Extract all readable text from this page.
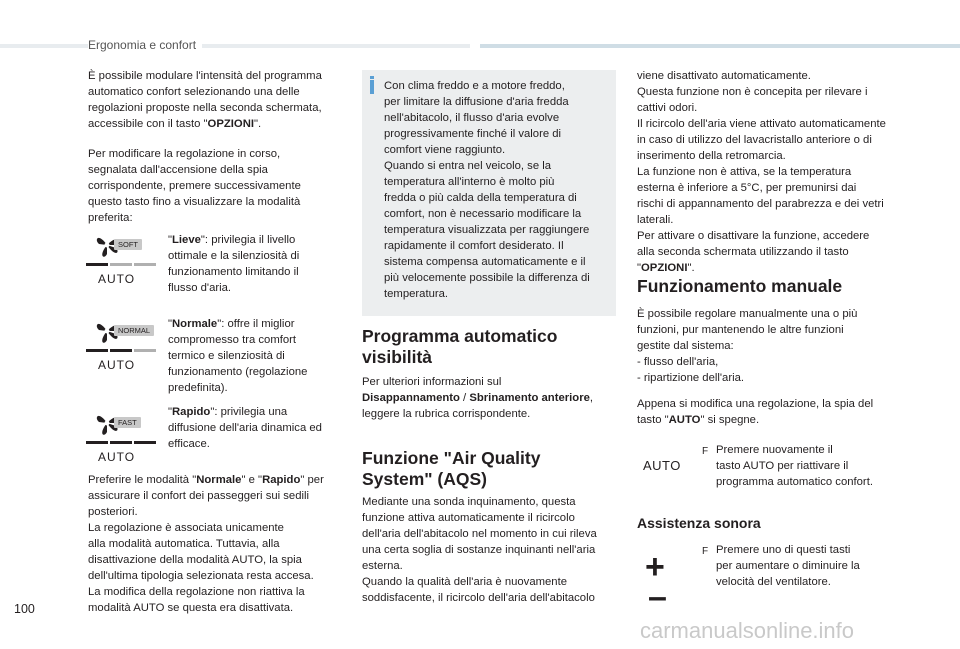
Ergonomia e confort
È possibile modulare l'intensità del programma
automatico confort selezionando una delle
regolazioni proposte nella seconda schermata,
accessibile con il tasto "OPZIONI".
Per modificare la regolazione in corso,
segnalata dall'accensione della spia
corrispondente, premere successivamente
questo tasto fino a visualizzare la modalità
preferita:
SOFT
AUTO
"Lieve": privilegia il livello
ottimale e la silenziosità di
funzionamento limitando il
flusso d'aria.
NORMAL
AUTO
"Normale": offre il miglior
compromesso tra comfort
termico e silenziosità di
funzionamento (regolazione
predefinita).
FAST
AUTO
"Rapido": privilegia una
diffusione dell'aria dinamica ed
efficace.
Preferire le modalità "Normale" e "Rapido" per
assicurare il confort dei passeggeri sui sedili
posteriori.
La regolazione è associata unicamente
alla modalità automatica. Tuttavia, alla
disattivazione della modalità AUTO, la spia
dell'ultima tipologia selezionata resta accesa.
La modifica della regolazione non riattiva la
modalità AUTO se questa era disattivata.
Con clima freddo e a motore freddo,
per limitare la diffusione d'aria fredda
nell'abitacolo, il flusso d'aria evolve
progressivamente finché il valore di
comfort viene raggiunto.
Quando si entra nel veicolo, se la
temperatura all'interno è molto più
fredda o più calda della temperatura di
comfort, non è necessario modificare la
temperatura visualizzata per raggiungere
rapidamente il comfort desiderato. Il
sistema compensa automaticamente e il
più velocemente possibile la differenza di
temperatura.
Programma automatico
visibilità
Per ulteriori informazioni sul
Disappannamento / Sbrinamento anteriore,
leggere la rubrica corrispondente.
Funzione "Air Quality
System" (AQS)
Mediante una sonda inquinamento, questa
funzione attiva automaticamente il ricircolo
dell'aria dell'abitacolo nel momento in cui rileva
una certa soglia di sostanze inquinanti nell'aria
esterna.
Quando la qualità dell'aria è nuovamente
soddisfacente, il ricircolo dell'aria dell'abitacolo
viene disattivato automaticamente.
Questa funzione non è concepita per rilevare i
cattivi odori.
Il ricircolo dell'aria viene attivato automaticamente
in caso di utilizzo del lavacristallo anteriore o di
inserimento della retromarcia.
La funzione non è attiva, se la temperatura
esterna è inferiore a 5°C, per premunirsi dai
rischi di appannamento del parabrezza e dei vetri
laterali.
Per attivare o disattivare la funzione, accedere
alla seconda schermata utilizzando il tasto
"OPZIONI".
Funzionamento manuale
È possibile regolare manualmente una o più
funzioni, pur mantenendo le altre funzioni
gestite dal sistema:
- flusso dell'aria,
- ripartizione dell'aria.
Appena si modifica una regolazione, la spia del
tasto "AUTO" si spegne.
AUTO
F Premere nuovamente il
tasto AUTO per riattivare il
programma automatico confort.
Assistenza sonora
+
–
F Premere uno di questi tasti
per aumentare o diminuire la
velocità del ventilatore.
100
carmanualsonline.info
